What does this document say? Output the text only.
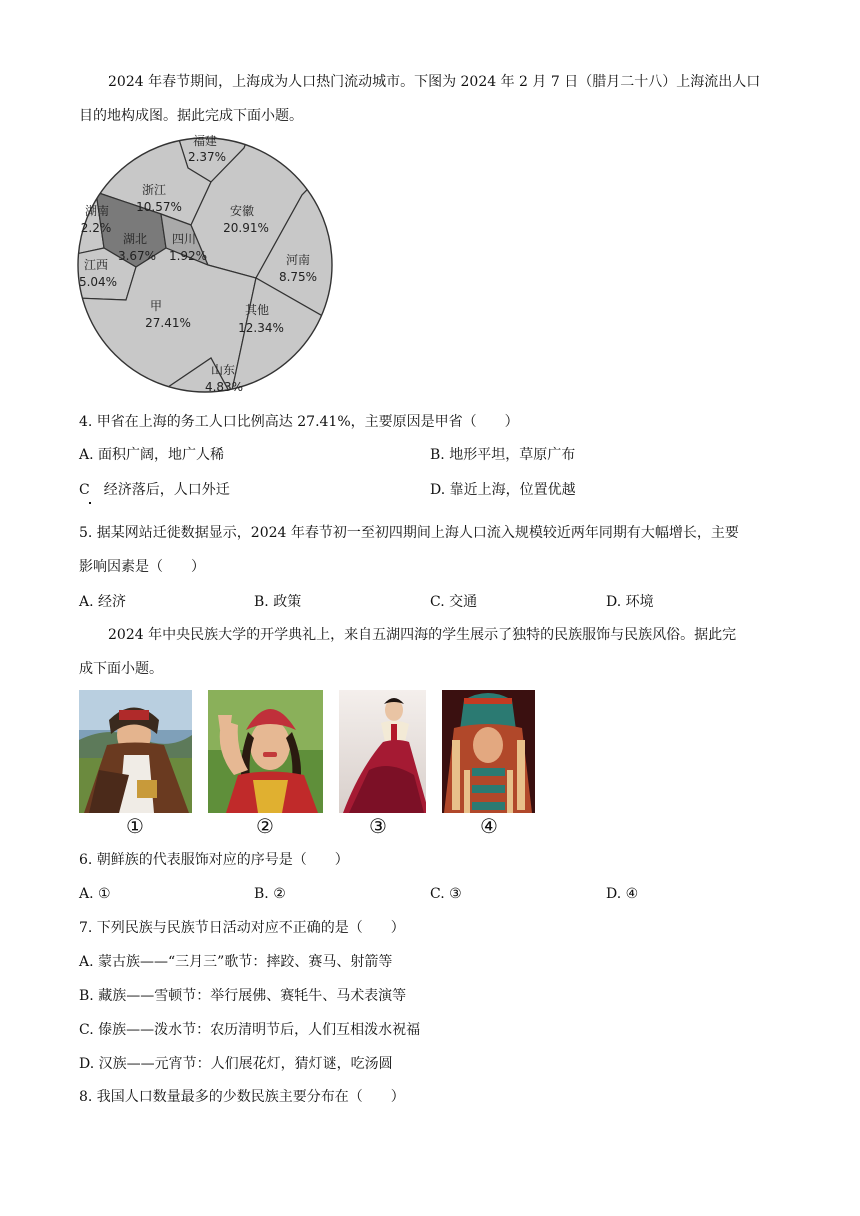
2024 年春节期间，上海成为人口热门流动城市。下图为 2024 年 2 月 7 日（腊月二十八）上海流出人口
目的地构成图。据此完成下面小题。
福建
2.37%
浙江
10.57%
湖南
2.2%
湖北
3.67%
四川
1.92%
安徽
20.91%
河南
8.75%
江西
5.04%
甲
27.41%
其他
12.34%
山东
4.83%
4. 甲省在上海的务工人口比例高达 27.41%，主要原因是甲省（　　）
A. 面积广阔，地广人稀	B. 地形平坦，草原广布
C　经济落后，人口外迁	D. 靠近上海，位置优越
5. 据某网站迁徙数据显示，2024 年春节初一至初四期间上海人口流入规模较近两年同期有大幅增长，主要
影响因素是（　　）
A. 经济	B. 政策	C. 交通	D. 环境
2024 年中央民族大学的开学典礼上，来自五湖四海的学生展示了独特的民族服饰与民族风俗。据此完
成下面小题。
①	②	③	④
6. 朝鲜族的代表服饰对应的序号是（　　）
A. ①	B. ②	C. ③	D. ④
7. 下列民族与民族节日活动对应不正确的是（　　）
A. 蒙古族——“三月三”歌节：摔跤、赛马、射箭等
B. 藏族——雪顿节：举行展佛、赛牦牛、马术表演等
C. 傣族——泼水节：农历清明节后，人们互相泼水祝福
D. 汉族——元宵节：人们展花灯，猜灯谜，吃汤圆
8. 我国人口数量最多的少数民族主要分布在（　　）
